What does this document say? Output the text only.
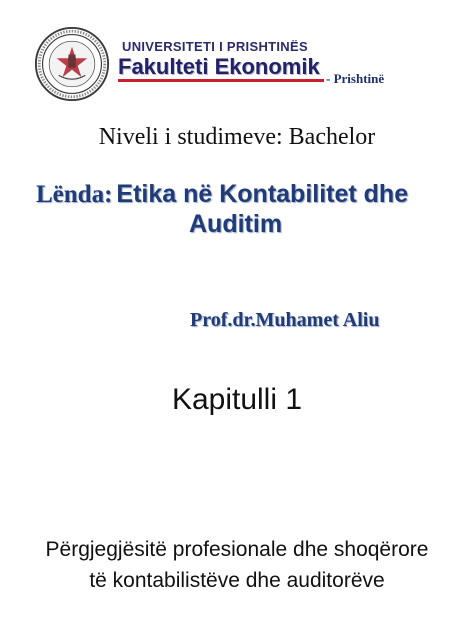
UNIVERSITETI I PRISHTINËS
Fakulteti Ekonomik - Prishtinë
Niveli i studimeve: Bachelor
Lënda: Etika në Kontabilitet dhe
Auditim
Prof.dr.Muhamet Aliu
Kapitulli 1
Përgjegjësitë profesionale dhe shoqërore
të kontabilistëve dhe auditorëve
